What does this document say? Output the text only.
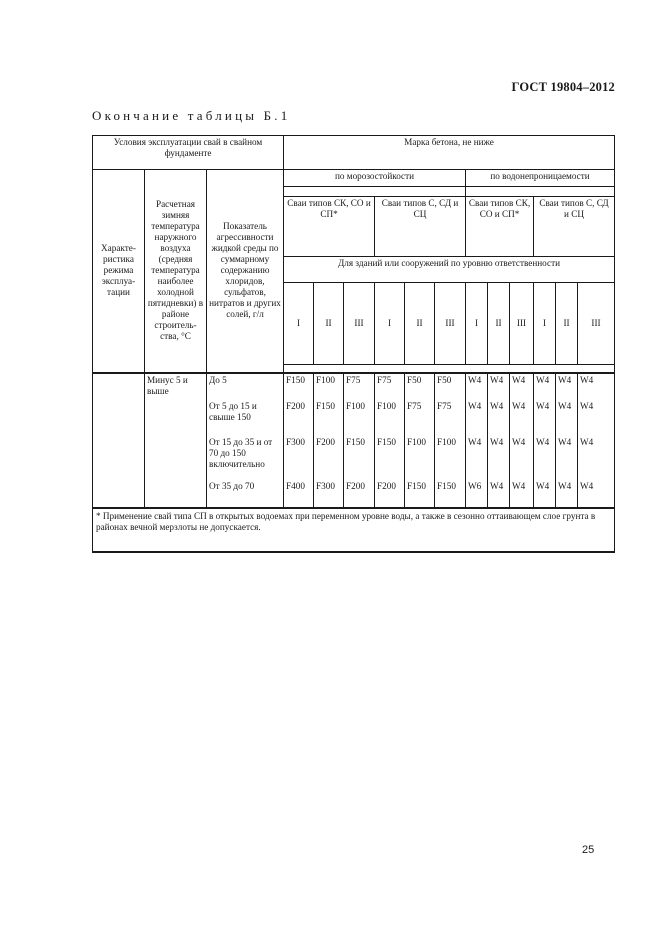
ГОСТ 19804–2012
Окончание таблицы Б.1
Условия эксплуатации свай в свайном фундаменте			Марка бетона, не ниже											
Характе-ристика режима эксплуа-тации	Расчетная зимняя температура наружного воздуха (средняя температура наиболее холодной пятидневки) в районе строитель-ства, °С	Показатель агрессивности жидкой среды по суммарному содержанию хлоридов, сульфатов, нитратов и других солей, г/л	по морозостойкости						по водонепроницаемости					

			Сваи типов СК, СО и СП*			Сваи типов С, СД и СЦ			Сваи типов СК, СО и СП*			Сваи типов С, СД и СЦ		
			Для зданий или сооружений по уровню ответственности											
			I	II	III	I	II	III	I	II	III	I	II	III

	Минус 5 и выше	До 5	F150	F100	F75	F75	F50	F50	W4	W4	W4	W4	W4	W4
		От 5 до 15 и свыше 150	F200	F150	F100	F100	F75	F75	W4	W4	W4	W4	W4	W4
		От 15 до 35 и от 70 до 150 включительно	F300	F200	F150	F150	F100	F100	W4	W4	W4	W4	W4	W4
		От 35 до 70	F400	F300	F200	F200	F150	F150	W6	W4	W4	W4	W4	W4
* Применение свай типа СП в открытых водоемах при переменном уровне воды, а также в сезонно оттаивающем слое грунта в районах вечной мерзлоты не допускается.														
25
